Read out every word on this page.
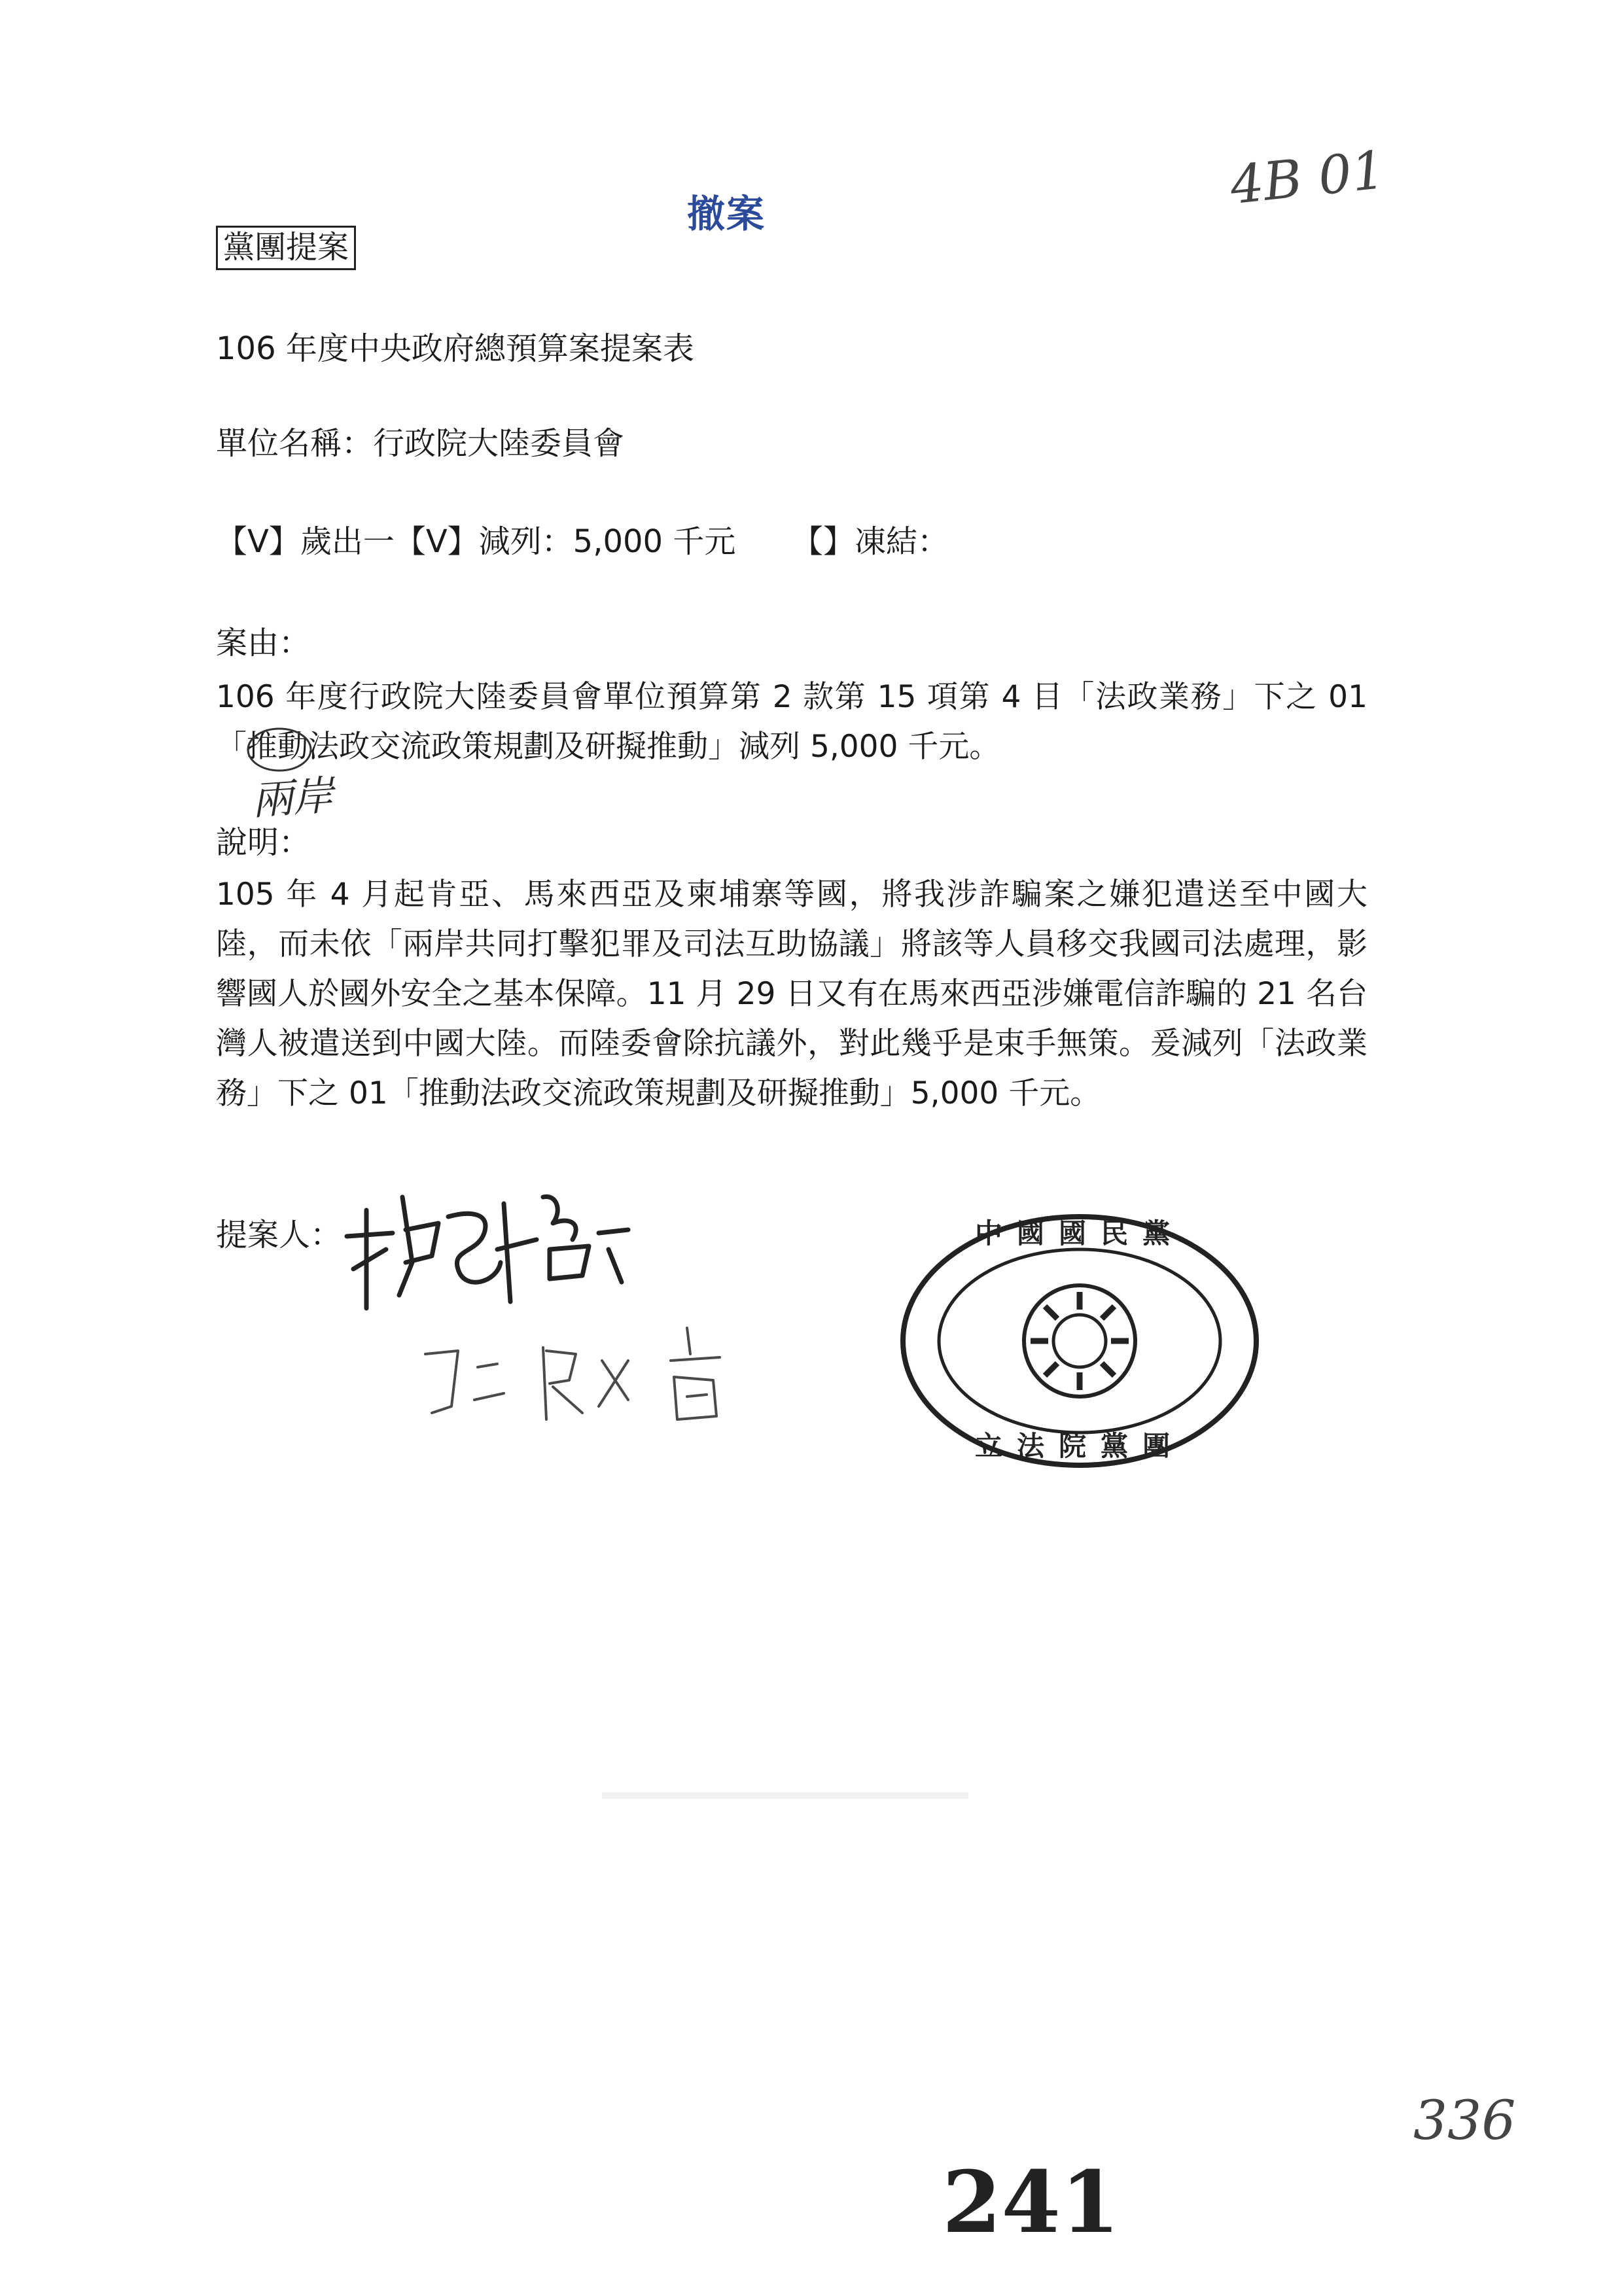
4B 01
撤案
黨團提案
106 年度中央政府總預算案提案表
單位名稱：行政院大陸委員會
【V】歲出一【V】減列：5,000 千元 【】凍結：
案由：
106 年度行政院大陸委員會單位預算第 2 款第 15 項第 4 目「法政業務」下之 01「推動法政交流政策規劃及研擬推動」減列 5,000 千元。
兩岸
說明：
105 年 4 月起肯亞、馬來西亞及柬埔寨等國，將我涉詐騙案之嫌犯遣送至中國大陸，而未依「兩岸共同打擊犯罪及司法互助協議」將該等人員移交我國司法處理，影響國人於國外安全之基本保障。11 月 29 日又有在馬來西亞涉嫌電信詐騙的 21 名台灣人被遣送到中國大陸。而陸委會除抗議外，對此幾乎是束手無策。爰減列「法政業務」下之 01「推動法政交流政策規劃及研擬推動」5,000 千元。
提案人：	中國國民黨
立法院黨團
336
241
